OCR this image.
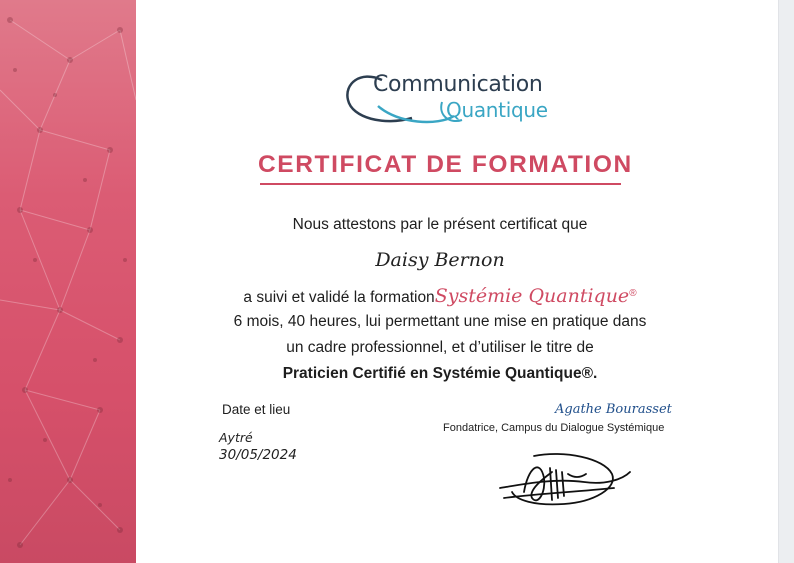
Communication
Quantique
CERTIFICAT DE FORMATION
Nous attestons par le présent certificat que
Daisy Bernon
a suivi et validé la formationSystémie Quantique®
6 mois, 40 heures, lui permettant une mise en pratique dans
un cadre professionnel, et d’utiliser le titre de
Praticien Certifié en Systémie Quantique®.
Date et lieu
Aytré
30/05/2024
Agathe Bourasset
Fondatrice, Campus du Dialogue Systémique
